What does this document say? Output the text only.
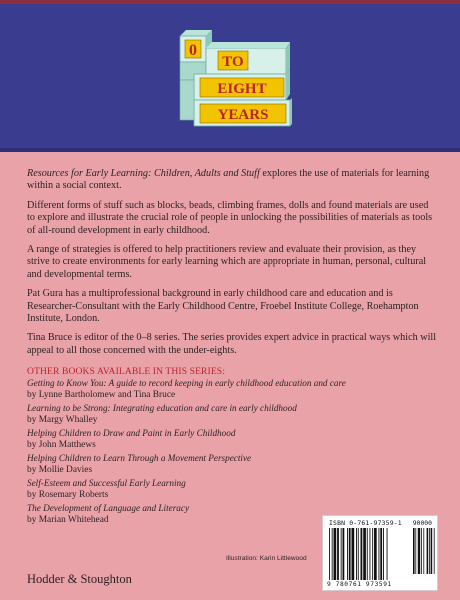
0
TO
EIGHT
YEARS

Resources for Early Learning: Children, Adults and Stuff explores the use of materials for learning within a social context.

Different forms of stuff such as blocks, beads, climbing frames, dolls and found materials are used to explore and illustrate the crucial role of people in unlocking the possibilities of materials as tools of all-round development in early childhood.

A range of strategies is offered to help practitioners review and evaluate their provision, as they strive to create environments for early learning which are appropriate in human, personal, cultural and developmental terms.

Pat Gura has a multiprofessional background in early childhood care and education and is Researcher-Consultant with the Early Childhood Centre, Froebel Institute College, Roehampton Institute, London.

Tina Bruce is editor of the 0–8 series. The series provides expert advice in practical ways which will appeal to all those concerned with the under-eights.

OTHER BOOKS AVAILABLE IN THIS SERIES:
Getting to Know You: A guide to record keeping in early childhood education and care
by Lynne Bartholomew and Tina Bruce
Learning to be Strong: Integrating education and care in early childhood
by Margy Whalley
Helping Children to Draw and Paint in Early Childhood
by John Matthews
Helping Children to Learn Through a Movement Perspective
by Mollie Davies
Self-Esteem and Successful Early Learning
by Rosemary Roberts
The Development of Language and Literacy
by Marian Whitehead
Illustration: Karin Littlewood
Hodder & Stoughton
ISBN 0-761-97359-1 90000
9 780761 973591
